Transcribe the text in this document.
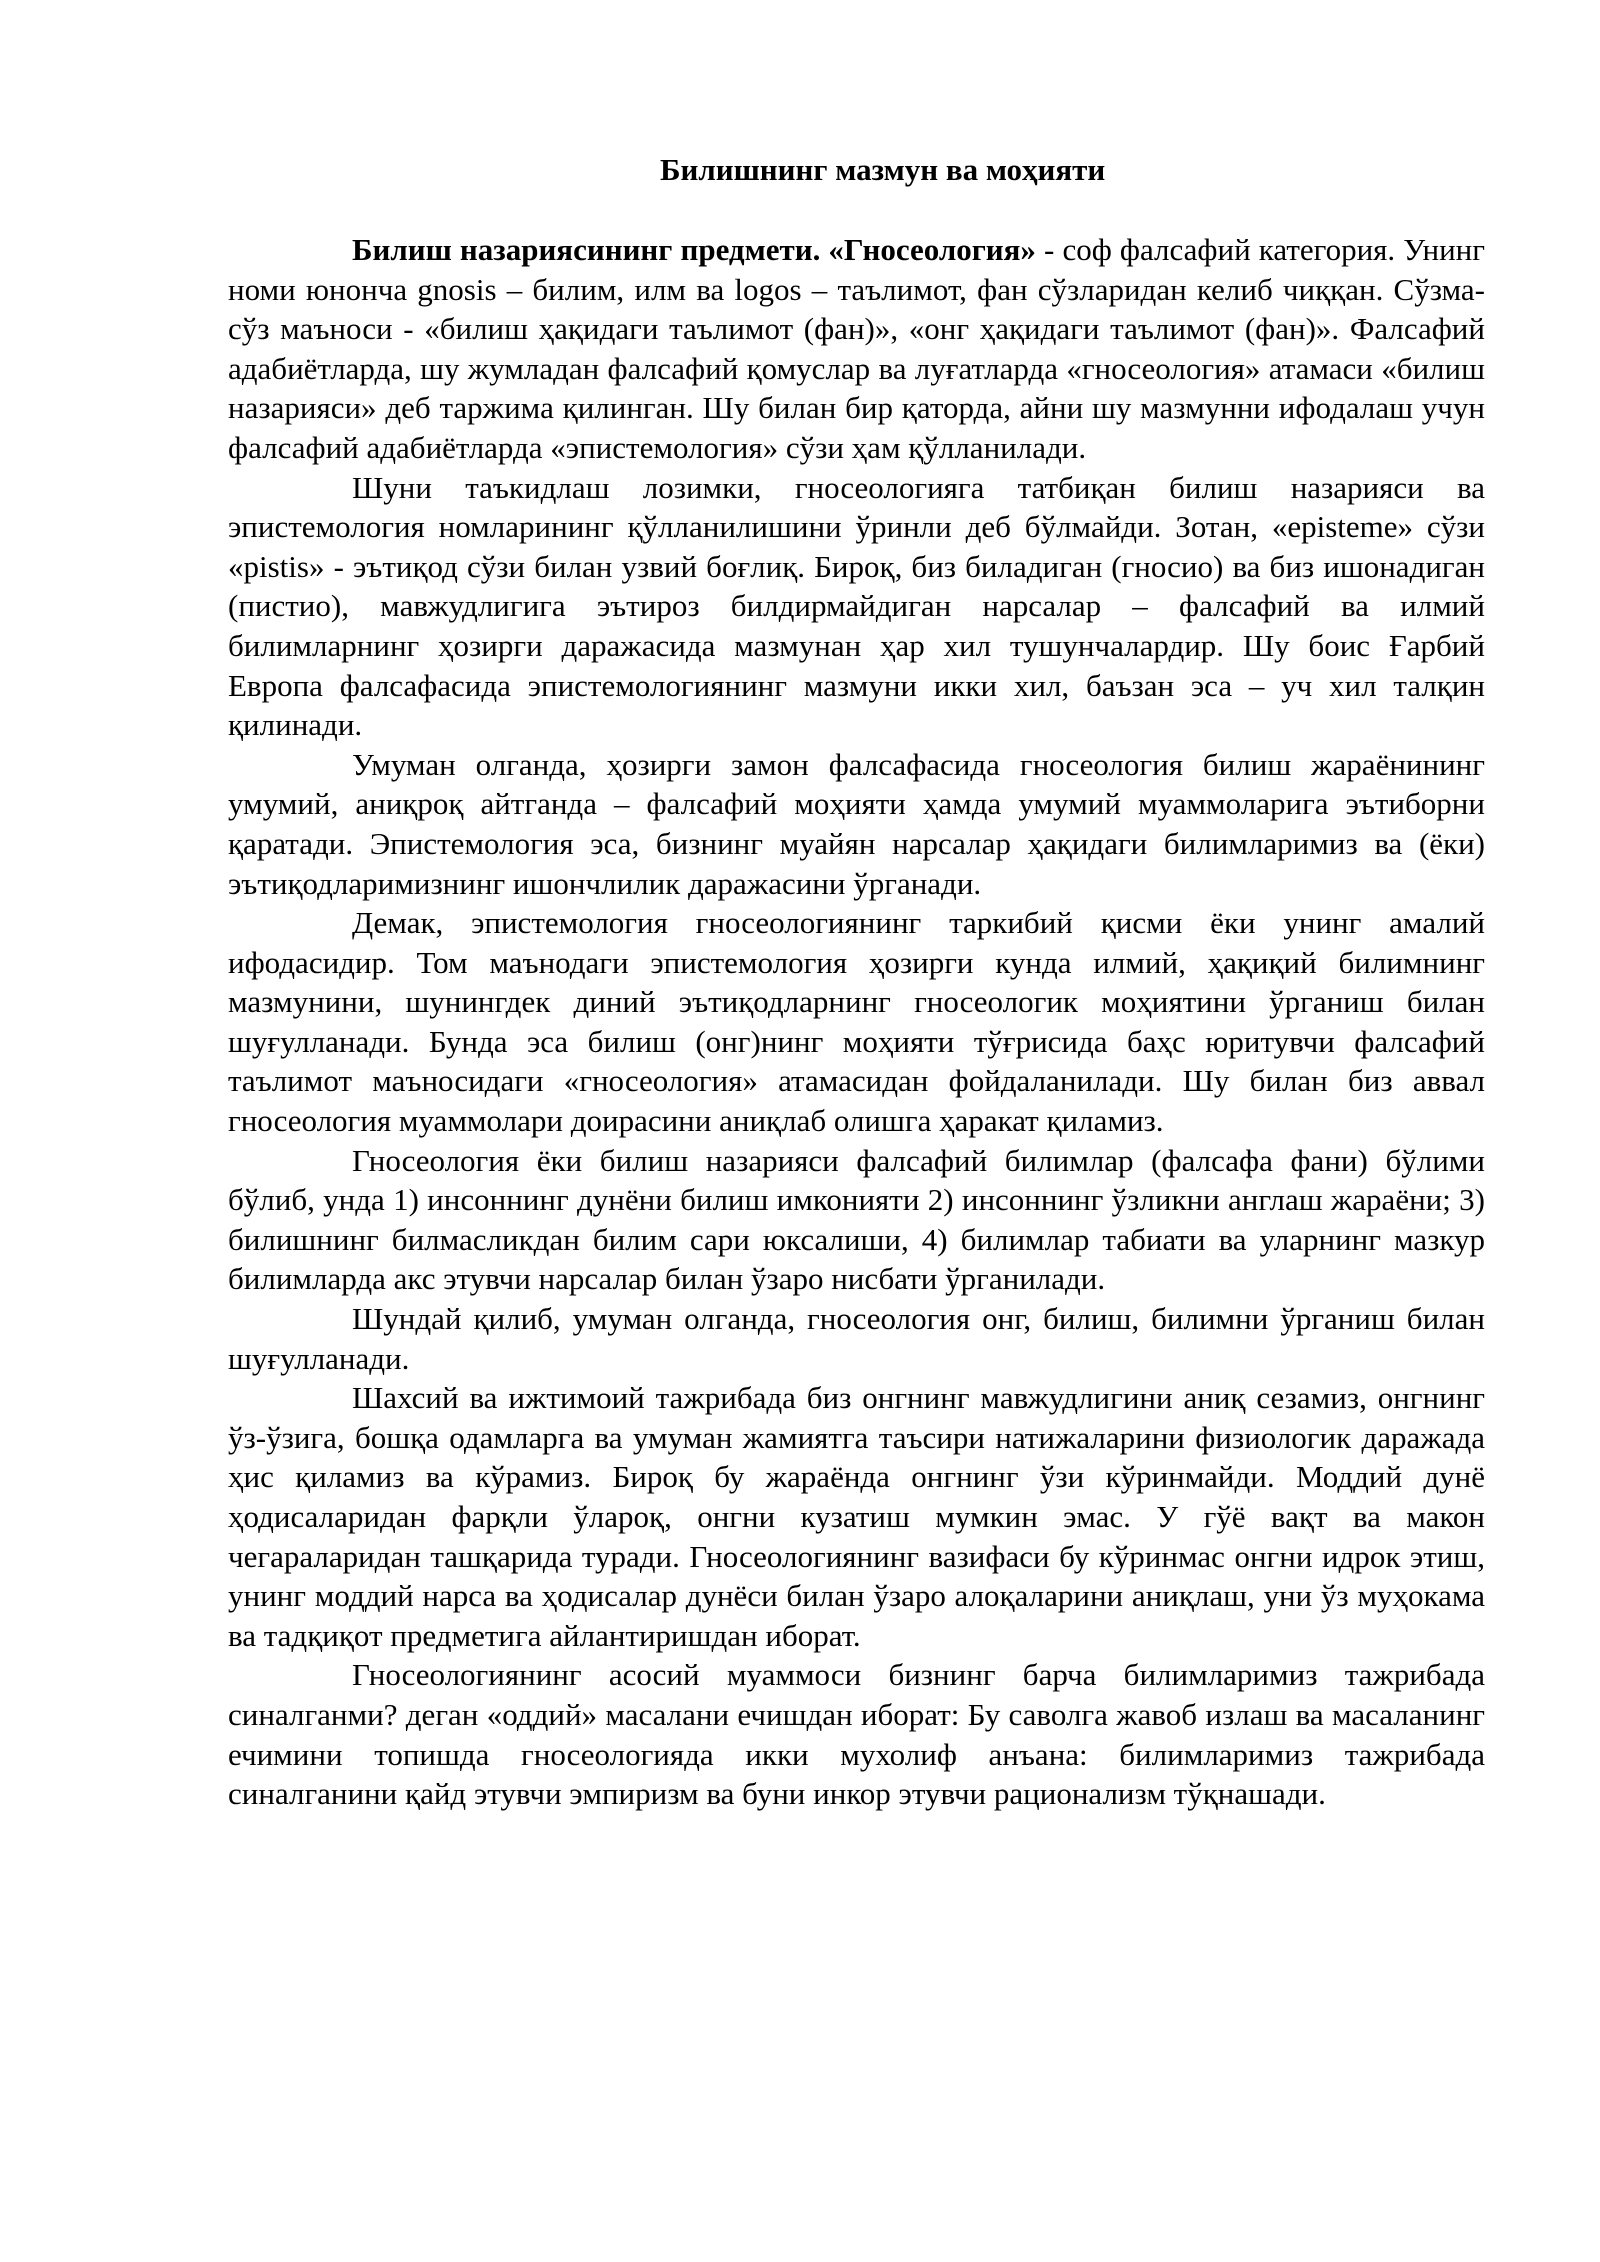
Билишнинг мазмун ва моҳияти

Билиш назариясининг предмети. «Гносеология» - соф фалсафий категория. Унинг номи юнонча gnosis – билим, илм ва logos – таълимот, фан сўзларидан келиб чиққан. Сўзма-сўз маъноси - «билиш ҳақидаги таълимот (фан)», «онг ҳақидаги таълимот (фан)». Фалсафий адабиётларда, шу жумладан фалсафий қомуслар ва луғатларда «гносеология» атамаси «билиш назарияси» деб таржима қилинган. Шу билан бир қаторда, айни шу мазмунни ифодалаш учун фалсафий адабиётларда «эпистемология» сўзи ҳам қўлланилади.

Шуни таъкидлаш лозимки, гносеологияга татбиқан билиш назарияси ва эпистемология номларининг қўлланилишини ўринли деб бўлмайди. Зотан, «episteme» сўзи «pistis» - эътиқод сўзи билан узвий боғлиқ. Бироқ, биз биладиган (гносио) ва биз ишонадиган (пистио), мавжудлигига эътироз билдирмайдиган нарсалар – фалсафий ва илмий билимларнинг ҳозирги даражасида мазмунан ҳар хил тушунчалардир. Шу боис Ғарбий Европа фалсафасида эпистемологиянинг мазмуни икки хил, баъзан эса – уч хил талқин қилинади.

Умуман олганда, ҳозирги замон фалсафасида гносеология билиш жараёнининг умумий, аниқроқ айтганда – фалсафий моҳияти ҳамда умумий муаммоларига эътиборни қаратади. Эпистемология эса, бизнинг муайян нарсалар ҳақидаги билимларимиз ва (ёки) эътиқодларимизнинг ишончлилик даражасини ўрганади.

Демак, эпистемология гносеологиянинг таркибий қисми ёки унинг амалий ифодасидир. Том маънодаги эпистемология ҳозирги кунда илмий, ҳақиқий билимнинг мазмунини, шунингдек диний эътиқодларнинг гносеологик моҳиятини ўрганиш билан шуғулланади. Бунда эса билиш (онг)нинг моҳияти тўғрисида баҳс юритувчи фалсафий таълимот маъносидаги «гносеология» атамасидан фойдаланилади. Шу билан биз аввал гносеология муаммолари доирасини аниқлаб олишга ҳаракат қиламиз.

Гносеология ёки билиш назарияси фалсафий билимлар (фалсафа фани) бўлими бўлиб, унда 1) инсоннинг дунёни билиш имконияти 2) инсоннинг ўзликни англаш жараёни; 3) билишнинг билмасликдан билим сари юксалиши, 4) билимлар табиати ва уларнинг мазкур билимларда акс этувчи нарсалар билан ўзаро нисбати ўрганилади.

Шундай қилиб, умуман олганда, гносеология онг, билиш, билимни ўрганиш билан шуғулланади.

Шахсий ва ижтимоий тажрибада биз онгнинг мавжудлигини аниқ сезамиз, онгнинг ўз-ўзига, бошқа одамларга ва умуман жамиятга таъсири натижаларини физиологик даражада ҳис қиламиз ва кўрамиз. Бироқ бу жараёнда онгнинг ўзи кўринмайди. Моддий дунё ҳодисаларидан фарқли ўлароқ, онгни кузатиш мумкин эмас. У гўё вақт ва макон чегараларидан ташқарида туради. Гносеологиянинг вазифаси бу кўринмас онгни идрок этиш, унинг моддий нарса ва ҳодисалар дунёси билан ўзаро алоқаларини аниқлаш, уни ўз муҳокама ва тадқиқот предметига айлантиришдан иборат.

Гносеологиянинг асосий муаммоси бизнинг барча билимларимиз тажрибада синалганми? деган «оддий» масалани ечишдан иборат: Бу саволга жавоб излаш ва масаланинг ечимини топишда гносеологияда икки мухолиф анъана: билимларимиз тажрибада синалганини қайд этувчи эмпиризм ва буни инкор этувчи рационализм тўқнашади.
